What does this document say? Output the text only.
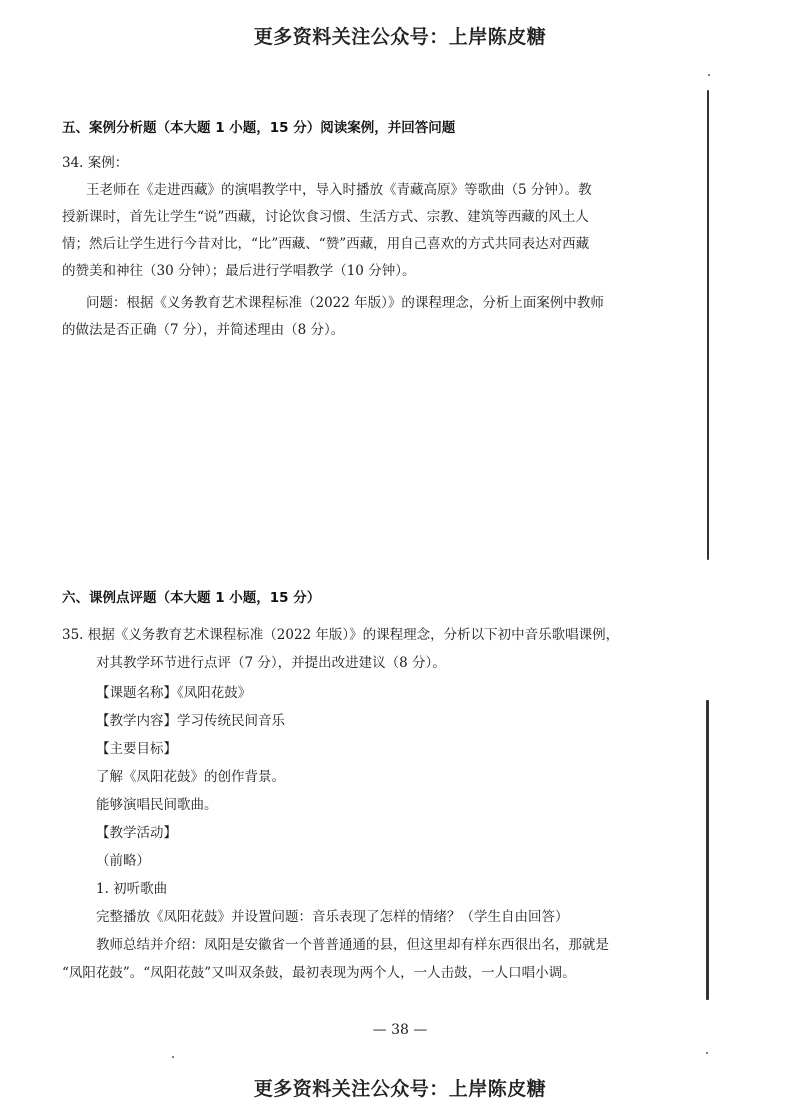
更多资料关注公众号：上岸陈皮糖
五、案例分析题（本大题 1 小题，15 分）阅读案例，并回答问题
34. 案例：
王老师在《走进西藏》的演唱教学中，导入时播放《青藏高原》等歌曲（5 分钟）。教
授新课时，首先让学生“说”西藏，讨论饮食习惯、生活方式、宗教、建筑等西藏的风土人
情；然后让学生进行今昔对比，“比”西藏、“赞”西藏，用自己喜欢的方式共同表达对西藏
的赞美和神往（30 分钟）；最后进行学唱教学（10 分钟）。
问题：根据《义务教育艺术课程标准（2022 年版）》的课程理念，分析上面案例中教师
的做法是否正确（7 分），并简述理由（8 分）。
六、课例点评题（本大题 1 小题，15 分）
35. 根据《义务教育艺术课程标准（2022 年版）》的课程理念，分析以下初中音乐歌唱课例，
对其教学环节进行点评（7 分），并提出改进建议（8 分）。
【课题名称】《凤阳花鼓》
【教学内容】学习传统民间音乐
【主要目标】
了解《凤阳花鼓》的创作背景。
能够演唱民间歌曲。
【教学活动】
（前略）
1. 初听歌曲
完整播放《凤阳花鼓》并设置问题：音乐表现了怎样的情绪？（学生自由回答）
教师总结并介绍：凤阳是安徽省一个普普通通的县，但这里却有样东西很出名，那就是
“凤阳花鼓”。“凤阳花鼓”又叫双条鼓，最初表现为两个人，一人击鼓，一人口唱小调。
— 38 —
更多资料关注公众号：上岸陈皮糖
